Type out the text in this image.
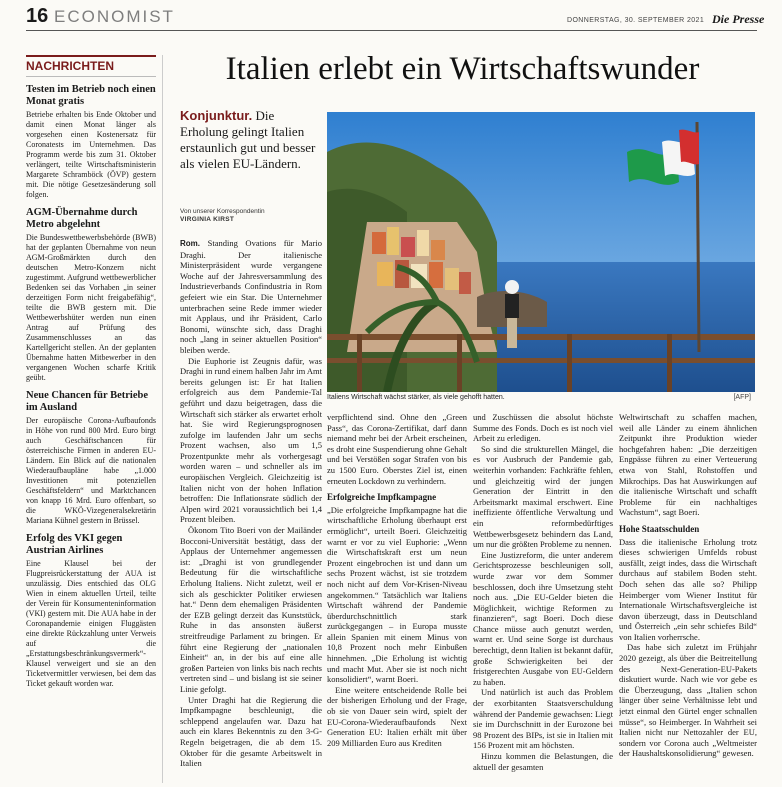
16 ECONOMIST	DONNERSTAG, 30. SEPTEMBER 2021 Die Presse
NACHRICHTEN
Testen im Betrieb noch einen Monat gratis

Betriebe erhalten bis Ende Oktober und damit einen Monat länger als vorgesehen einen Kostenersatz für Coronatests im Unternehmen. Das Programm werde bis zum 31. Oktober verlängert, teilte Wirtschaftsministerin Margarete Schramböck (ÖVP) gestern mit. Die nötige Gesetzesänderung soll folgen.

AGM-Übernahme durch Metro abgelehnt

Die Bundeswettbewerbsbehörde (BWB) hat der geplanten Übernahme von neun AGM-Großmärkten durch den deutschen Metro-Konzern nicht zugestimmt. Aufgrund wettbewerblicher Bedenken sei das Vorhaben „in seiner derzeitigen Form nicht freigabefähig“, teilte die BWB gestern mit. Die Wettbewerbshüter werden nun einen Antrag auf Prüfung des Zusammenschlusses an das Kartellgericht stellen. An der geplanten Übernahme hatten Mitbewerber in den vergangenen Wochen scharfe Kritik geübt.

Neue Chancen für Betriebe im Ausland

Der europäische Corona-Aufbaufonds in Höhe von rund 800 Mrd. Euro birgt auch Geschäftschancen für österreichische Firmen in anderen EU-Ländern. Ein Blick auf die nationalen Wiederaufbaupläne habe „1.000 Investitionen mit potenziellen Geschäftsfeldern“ und Marktchancen von knapp 16 Mrd. Euro offenbart, so die WKÖ-Vizegeneralsekretärin Mariana Kühnel gestern in Brüssel.

Erfolg des VKI gegen Austrian Airlines

Eine Klausel bei der Flugpreisrückerstattung der AUA ist unzulässig. Dies entschied das OLG Wien in einem aktuellen Urteil, teilte der Verein für Konsumenteninformation (VKI) gestern mit. Die AUA habe in der Coronapandemie einigen Fluggästen eine direkte Rückzahlung unter Verweis auf die „Erstattungsbeschränkungsvermerk“-Klausel verweigert und sie an den Ticketvermittler verwiesen, bei dem das Ticket gekauft worden war.

Italien erlebt ein Wirtschaftswunder
Konjunktur. Die Erholung gelingt Italien erstaunlich gut und besser als vielen EU-Ländern.
Von unserer Korrespondentin
VIRGINIA KIRST
Italiens Wirtschaft wächst stärker, als viele gehofft hatten.	[AFP]

Rom. Standing Ovations für Mario Draghi. Der italienische Ministerpräsident wurde vergangene Woche auf der Jahresversammlung des Industrieverbands Confindustria in Rom gefeiert wie ein Star. Die Unternehmer unterbrachen seine Rede immer wieder mit Applaus, und ihr Präsident, Carlo Bonomi, wünschte sich, dass Draghi noch „lang in seiner aktuellen Position“ bleiben werde.

Die Euphorie ist Zeugnis dafür, was Draghi in rund einem halben Jahr im Amt bereits gelungen ist: Er hat Italien erfolgreich aus dem Pandemie-Tal geführt und dazu beigetragen, dass die Wirtschaft sich stärker als erwartet erholt hat. Sie wird Regierungsprognosen zufolge im laufenden Jahr um sechs Prozent wachsen, also um 1,5 Prozentpunkte mehr als vorhergesagt worden waren – und schneller als im europäischen Vergleich. Gleichzeitig ist Italien nicht von der hohen Inflation betroffen: Die Inflationsrate südlich der Alpen wird 2021 voraussichtlich bei 1,4 Prozent bleiben.

Ökonom Tito Boeri von der Mailänder Bocconi-Universität bestätigt, dass der Applaus der Unternehmer angemessen ist: „Draghi ist von grundlegender Bedeutung für die wirtschaftliche Erholung Italiens. Nicht zuletzt, weil er sich als geschickter Politiker erwiesen hat.“ Denn dem ehemaligen Präsidenten der EZB gelingt derzeit das Kunststück, Ruhe in das ansonsten äußerst streitfreudige Parlament zu bringen. Er führt eine Regierung der „nationalen Einheit“ an, in der bis auf eine alle großen Parteien von links bis nach rechts vertreten sind – und bislang ist sie seiner Linie gefolgt.

Unter Draghi hat die Regierung die Impfkampagne beschleunigt, die schleppend angelaufen war. Dazu hat auch ein klares Bekenntnis zu den 3-G-Regeln beigetragen, die ab dem 15. Oktober für die gesamte Arbeitswelt in Italien

verpflichtend sind. Ohne den „Green Pass“, das Corona-Zertifikat, darf dann niemand mehr bei der Arbeit erscheinen, es droht eine Suspendierung ohne Gehalt und bei Verstößen sogar Strafen von bis zu 1500 Euro. Oberstes Ziel ist, einen erneuten Lockdown zu verhindern.

Erfolgreiche Impfkampagne

„Die erfolgreiche Impfkampagne hat die wirtschaftliche Erholung überhaupt erst ermöglicht“, urteilt Boeri. Gleichzeitig warnt er vor zu viel Euphorie: „Wenn die Wirtschaftskraft erst um neun Prozent eingebrochen ist und dann um sechs Prozent wächst, ist sie trotzdem noch nicht auf dem Vor-Krisen-Niveau angekommen.“ Tatsächlich war Italiens Wirtschaft während der Pandemie überdurchschnittlich stark zurückgegangen – in Europa musste allein Spanien mit einem Minus von 10,8 Prozent noch mehr Einbußen hinnehmen. „Die Erholung ist wichtig und macht Mut. Aber sie ist noch nicht konsolidiert“, warnt Boeri.

Eine weitere entscheidende Rolle bei der bisherigen Erholung und der Frage, ob sie von Dauer sein wird, spielt der EU-Corona-Wiederaufbaufonds Next Generation EU: Italien erhält mit über 209 Milliarden Euro aus Krediten

und Zuschüssen die absolut höchste Summe des Fonds. Doch es ist noch viel Arbeit zu erledigen.

So sind die strukturellen Mängel, die es vor Ausbruch der Pandemie gab, weiterhin vorhanden: Fachkräfte fehlen, und gleichzeitig wird der jungen Generation der Eintritt in den Arbeitsmarkt maximal erschwert. Eine ineffiziente öffentliche Verwaltung und ein reformbedürftiges Wettbewerbsgesetz behindern das Land, um nur die größten Probleme zu nennen.

Eine Justizreform, die unter anderem Gerichtsprozesse beschleunigen soll, wurde zwar vor dem Sommer beschlossen, doch ihre Umsetzung steht noch aus. „Die EU-Gelder bieten die Möglichkeit, wichtige Reformen zu finanzieren“, sagt Boeri. Doch diese Chance müsse auch genutzt werden, warnt er. Und seine Sorge ist durchaus berechtigt, denn Italien ist bekannt dafür, große Schwierigkeiten bei der fristgerechten Ausgabe von EU-Geldern zu haben.

Und natürlich ist auch das Problem der exorbitanten Staatsverschuldung während der Pandemie gewachsen: Liegt sie im Durchschnitt in der Eurozone bei 98 Prozent des BIPs, ist sie in Italien mit 156 Prozent mit am höchsten.

Hinzu kommen die Belastungen, die aktuell der gesamten

Weltwirtschaft zu schaffen machen, weil alle Länder zu einem ähnlichen Zeitpunkt ihre Produktion wieder hochgefahren haben: „Die derzeitigen Engpässe führen zu einer Verteuerung etwa von Stahl, Rohstoffen und Mikrochips. Das hat Auswirkungen auf die italienische Wirtschaft und schafft Probleme für ein nachhaltiges Wachstum“, sagt Boeri.

Hohe Staatsschulden

Dass die italienische Erholung trotz dieses schwierigen Umfelds robust ausfällt, zeigt indes, dass die Wirtschaft durchaus auf stabilem Boden steht. Doch sehen das alle so? Philipp Heimberger vom Wiener Institut für Internationale Wirtschaftsvergleiche ist davon überzeugt, dass in Deutschland und Österreich „ein sehr schiefes Bild“ von Italien vorherrsche.

Das habe sich zuletzt im Frühjahr 2020 gezeigt, als über die Beitreitellung des Next-Generation-EU-Pakets diskutiert wurde. Nach wie vor gebe es die Überzeugung, dass „Italien schon länger über seine Verhältnisse lebt und jetzt einmal den Gürtel enger schnallen müsse“, so Heimberger. In Wahrheit sei Italien nicht nur Nettozahler der EU, sondern vor Corona auch „Weltmeister der Haushaltskonsolidierung“ gewesen.
